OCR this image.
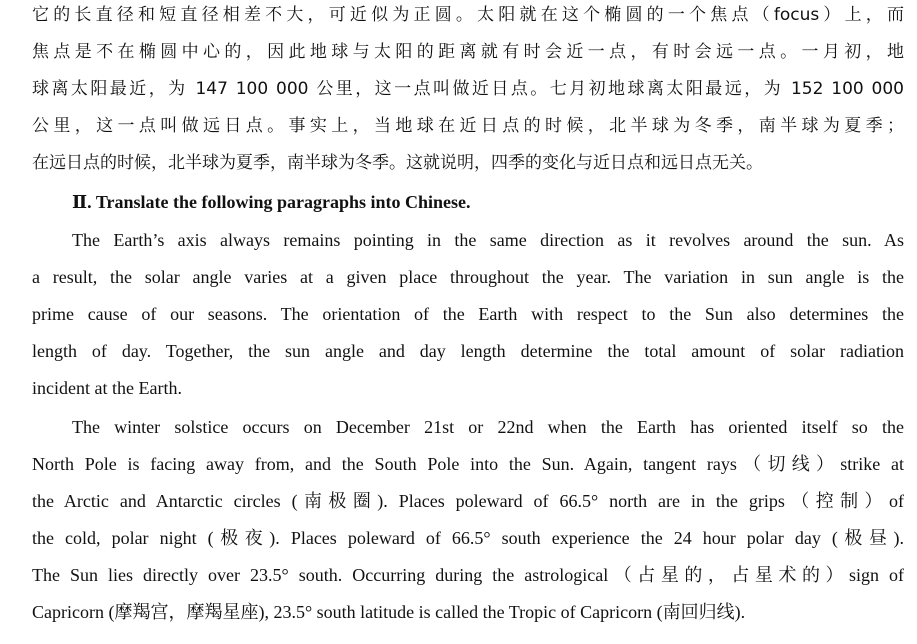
它的长直径和短直径相差不大，可近似为正圆。太阳就在这个椭圆的一个焦点（focus）上，而
焦点是不在椭圆中心的，因此地球与太阳的距离就有时会近一点，有时会远一点。一月初，地
球离太阳最近，为 147 100 000 公里，这一点叫做近日点。七月初地球离太阳最远，为 152 100 000
公里，这一点叫做远日点。事实上，当地球在近日点的时候，北半球为冬季，南半球为夏季；
在远日点的时候，北半球为夏季，南半球为冬季。这就说明，四季的变化与近日点和远日点无关。
Ⅱ. Translate the following paragraphs into Chinese.
The Earth’s axis always remains pointing in the same direction as it revolves around the sun. As
a result, the solar angle varies at a given place throughout the year. The variation in sun angle is the
prime cause of our seasons. The orientation of the Earth with respect to the Sun also determines the
length of day. Together, the sun angle and day length determine the total amount of solar radiation
incident at the Earth.
The winter solstice occurs on December 21st or 22nd when the Earth has oriented itself so the
North Pole is facing away from, and the South Pole into the Sun. Again, tangent rays（切线）strike at
the Arctic and Antarctic circles (南极圈). Places poleward of 66.5° north are in the grips（控制）of
the cold, polar night (极夜). Places poleward of 66.5° south experience the 24 hour polar day (极昼).
The Sun lies directly over 23.5° south. Occurring during the astrological（占星的，占星术的）sign of
Capricorn (摩羯宫，摩羯星座), 23.5° south latitude is called the Tropic of Capricorn (南回归线).
